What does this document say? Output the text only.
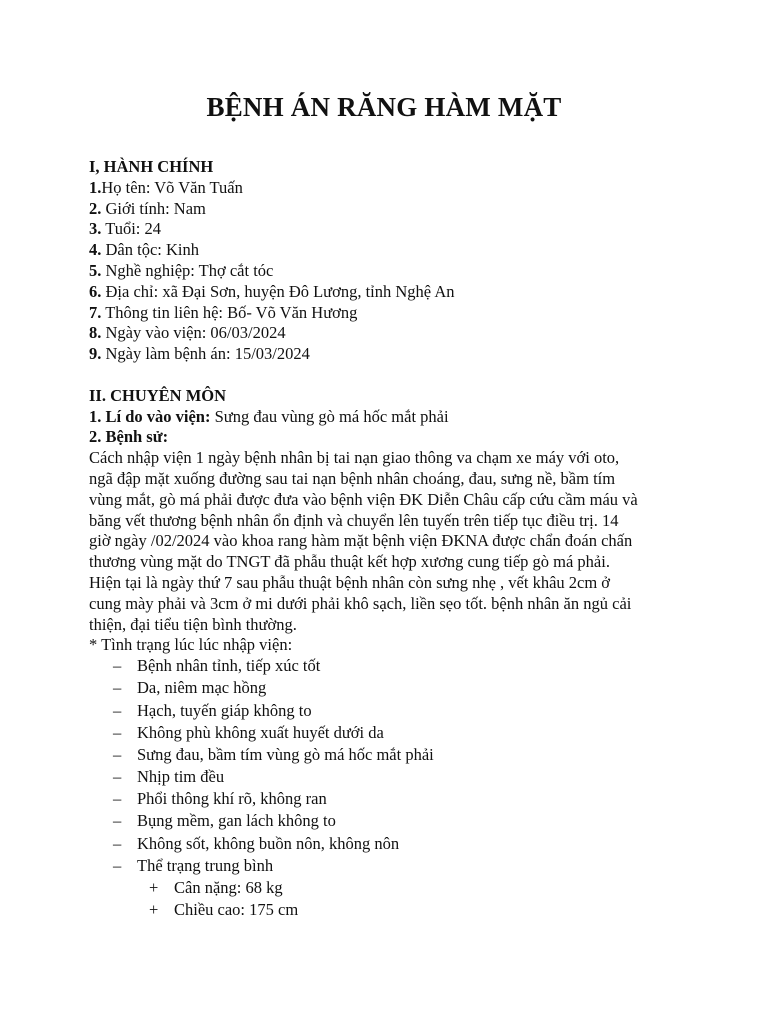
BỆNH ÁN RĂNG HÀM MẶT
I, HÀNH CHÍNH
1.Họ tên: Võ Văn Tuấn
2. Giới tính: Nam
3. Tuổi: 24
4. Dân tộc: Kinh
5. Nghề nghiệp: Thợ cắt tóc
6. Địa chỉ: xã Đại Sơn, huyện Đô Lương, tỉnh Nghệ An
7. Thông tin liên hệ: Bố- Võ Văn Hương
8. Ngày vào viện: 06/03/2024
9. Ngày làm bệnh án: 15/03/2024
II. CHUYÊN MÔN
1. Lí do vào viện: Sưng đau vùng gò má hốc mắt phải
2. Bệnh sử:
Cách nhập viện 1 ngày bệnh nhân bị tai nạn giao thông va chạm xe máy với oto,
ngã đập mặt xuống đường sau tai nạn bệnh nhân choáng, đau, sưng nề, bầm tím
vùng mắt, gò má phải được đưa vào bệnh viện ĐK Diễn Châu cấp cứu cầm máu và
băng vết thương bệnh nhân ổn định và chuyển lên tuyến trên tiếp tục điều trị. 14
giờ ngày /02/2024 vào khoa rang hàm mặt bệnh viện ĐKNA được chẩn đoán chấn
thương vùng mặt do TNGT đã phẫu thuật kết hợp xương cung tiếp gò má phải.
Hiện tại là ngày thứ 7 sau phẫu thuật bệnh nhân còn sưng nhẹ , vết khâu 2cm ở
cung mày phải và 3cm ở mi dưới phải khô sạch, liền sẹo tốt. bệnh nhân ăn ngủ cải
thiện, đại tiểu tiện bình thường.
* Tình trạng lúc lúc nhập viện:
– Bệnh nhân tỉnh, tiếp xúc tốt
– Da, niêm mạc hồng
– Hạch, tuyến giáp không to
– Không phù không xuất huyết dưới da
– Sưng đau, bầm tím vùng gò má hốc mắt phải
– Nhịp tim đều
– Phổi thông khí rõ, không ran
– Bụng mềm, gan lách không to
– Không sốt, không buồn nôn, không nôn
– Thể trạng trung bình
+ Cân nặng: 68 kg
+ Chiều cao: 175 cm
